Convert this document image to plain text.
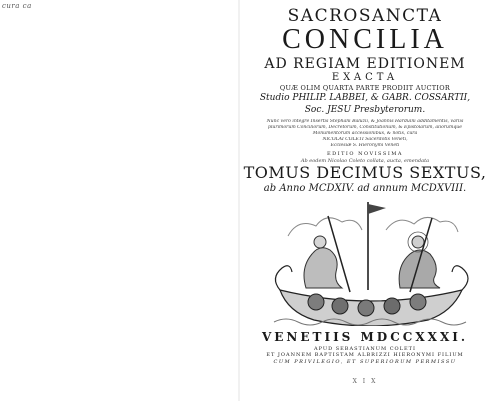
cura ca	SACROSANCTA
CONCILIA
AD REGIAM EDITIONEM
EXACTA
QUÆ OLIM QUARTA PARTE PRODIIT AUCTIOR
Studio PHILIP. LABBEI, & GABR. COSSARTII,
Soc. JESU Presbyterorum.
Nunc vero integre Insertis Stephani Baluzii, & Joannis Harduini additamentis, variis
plurimorum Conciliorum, Decretorum, Constitutionum, & Epistolarum, aliorumque
Monumentorum accessionibus, & notis, cura
NICOLAI COLETI Sacerdotis Veneti,
Ecclesiæ S. Hieronymi Veneti
EDITIO NOVISSIMA
Ab eodem Nicolao Coleto collata, aucta, emendata
TOMUS DECIMUS SEXTUS,
ab Anno MCDXIV. ad annum MCDXVIII.
VENETIIS MDCCXXXI.
APUD SEBASTIANUM COLETI
ET JOANNEM BAPTISTAM ALBRIZZI HIERONYMI FILIUM
CUM PRIVILEGIO, ET SUPERIORUM PERMISSU
X I X
